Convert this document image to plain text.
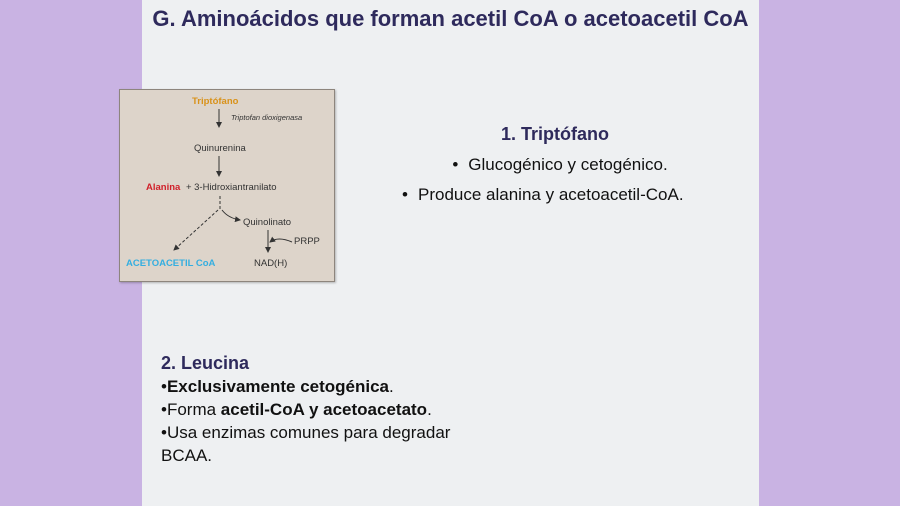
G. Aminoácidos que forman acetil CoA o acetoacetil CoA
Triptófano
Triptofan dioxigenasa
Quinurenina
Alanina + 3-Hidroxiantranilato
Quinolinato
PRPP
ACETOACETIL CoA	NAD(H)
1. Triptófano
• Glucogénico y cetogénico.
• Produce alanina y acetoacetil-CoA.
2. Leucina
•Exclusivamente cetogénica.
•Forma acetil-CoA y acetoacetato.
•Usa enzimas comunes para degradar BCAA.
